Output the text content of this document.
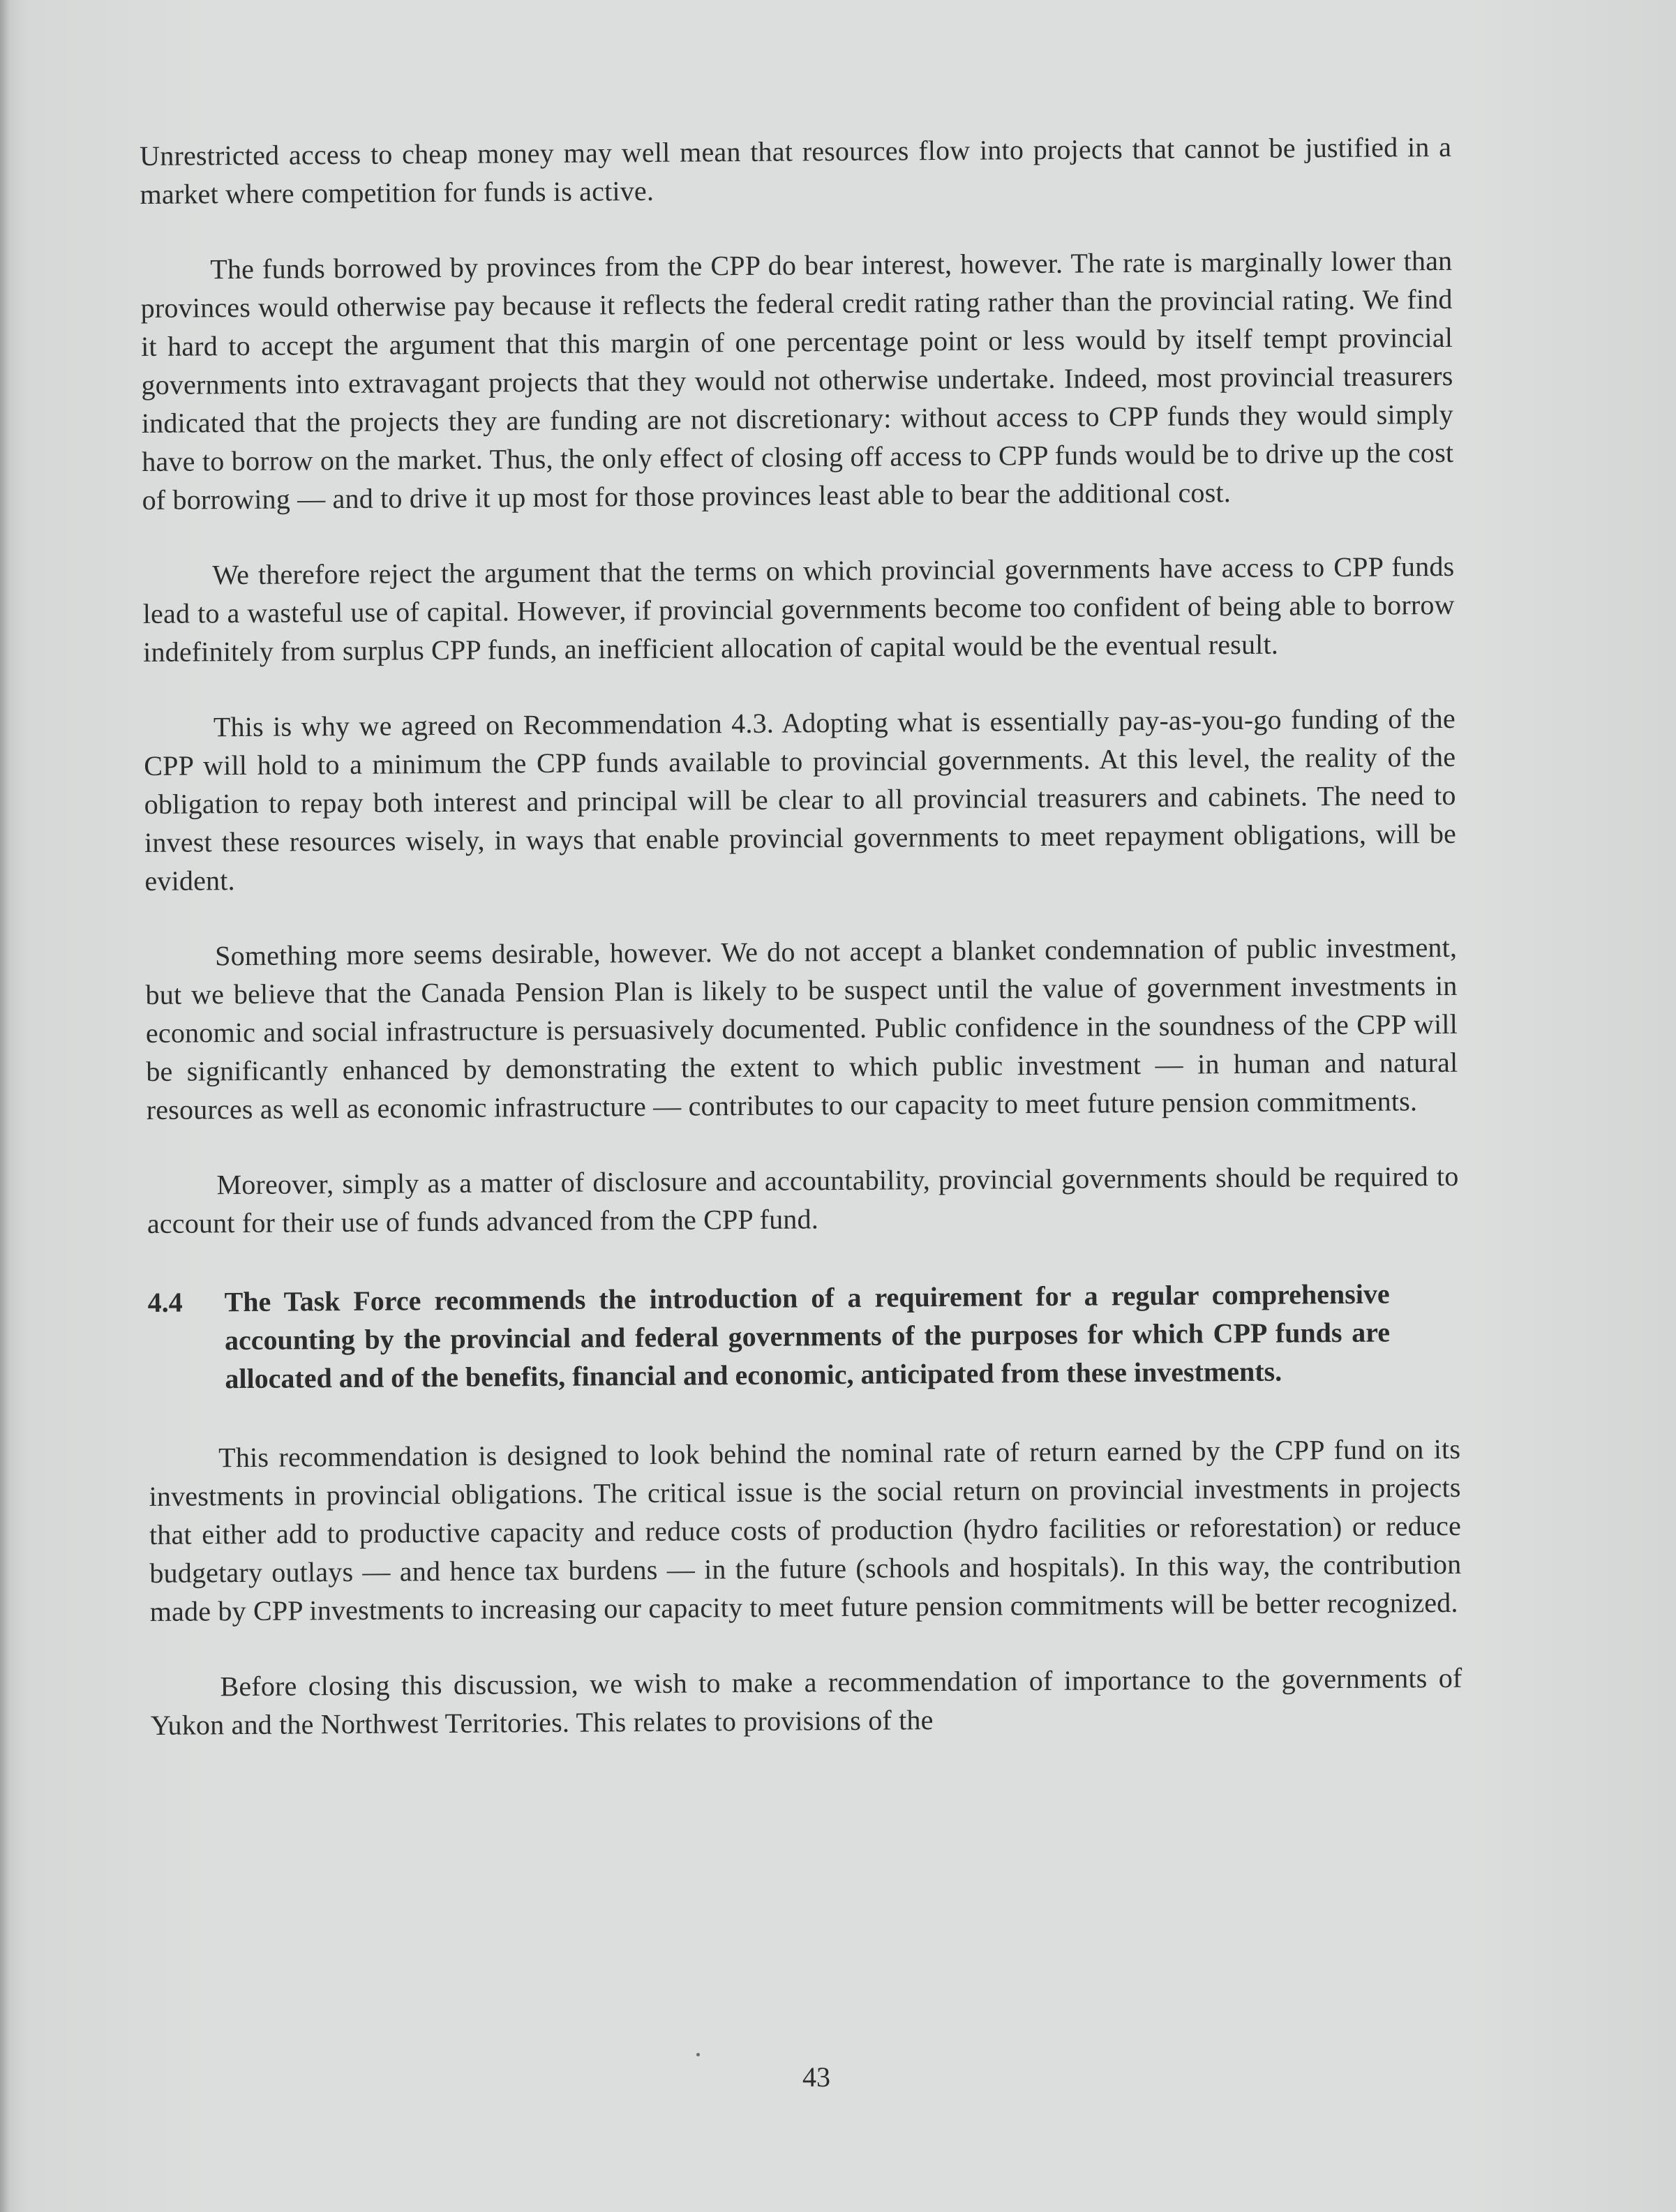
Unrestricted access to cheap money may well mean that resources flow into projects that cannot be justified in a market where competition for funds is active.

The funds borrowed by provinces from the CPP do bear interest, however. The rate is marginally lower than provinces would otherwise pay because it reflects the federal credit rating rather than the provincial rating. We find it hard to accept the argument that this margin of one percentage point or less would by itself tempt provincial governments into extravagant projects that they would not otherwise undertake. Indeed, most provincial treasurers indicated that the projects they are funding are not discretionary: without access to CPP funds they would simply have to borrow on the market. Thus, the only effect of closing off access to CPP funds would be to drive up the cost of borrowing — and to drive it up most for those provinces least able to bear the additional cost.

We therefore reject the argument that the terms on which provincial governments have access to CPP funds lead to a wasteful use of capital. However, if provincial governments become too confident of being able to borrow indefinitely from surplus CPP funds, an inefficient allocation of capital would be the eventual result.

This is why we agreed on Recommendation 4.3. Adopting what is essentially pay-as-you-go funding of the CPP will hold to a minimum the CPP funds available to provincial governments. At this level, the reality of the obligation to repay both interest and principal will be clear to all provincial treasurers and cabinets. The need to invest these resources wisely, in ways that enable provincial governments to meet repayment obligations, will be evident.

Something more seems desirable, however. We do not accept a blanket condemnation of public investment, but we believe that the Canada Pension Plan is likely to be suspect until the value of government investments in economic and social infrastructure is persuasively documented. Public confidence in the soundness of the CPP will be significantly enhanced by demonstrating the extent to which public investment — in human and natural resources as well as economic infrastructure — contributes to our capacity to meet future pension commitments.

Moreover, simply as a matter of disclosure and accountability, provincial governments should be required to account for their use of funds advanced from the CPP fund.

4.4	The Task Force recommends the introduction of a requirement for a regular comprehensive accounting by the provincial and federal governments of the purposes for which CPP funds are allocated and of the benefits, financial and economic, anticipated from these investments.

This recommendation is designed to look behind the nominal rate of return earned by the CPP fund on its investments in provincial obligations. The critical issue is the social return on provincial investments in projects that either add to productive capacity and reduce costs of production (hydro facilities or reforestation) or reduce budgetary outlays — and hence tax burdens — in the future (schools and hospitals). In this way, the contribution made by CPP investments to increasing our capacity to meet future pension commitments will be better recognized.

Before closing this discussion, we wish to make a recommendation of importance to the governments of Yukon and the Northwest Territories. This relates to provisions of the

43
